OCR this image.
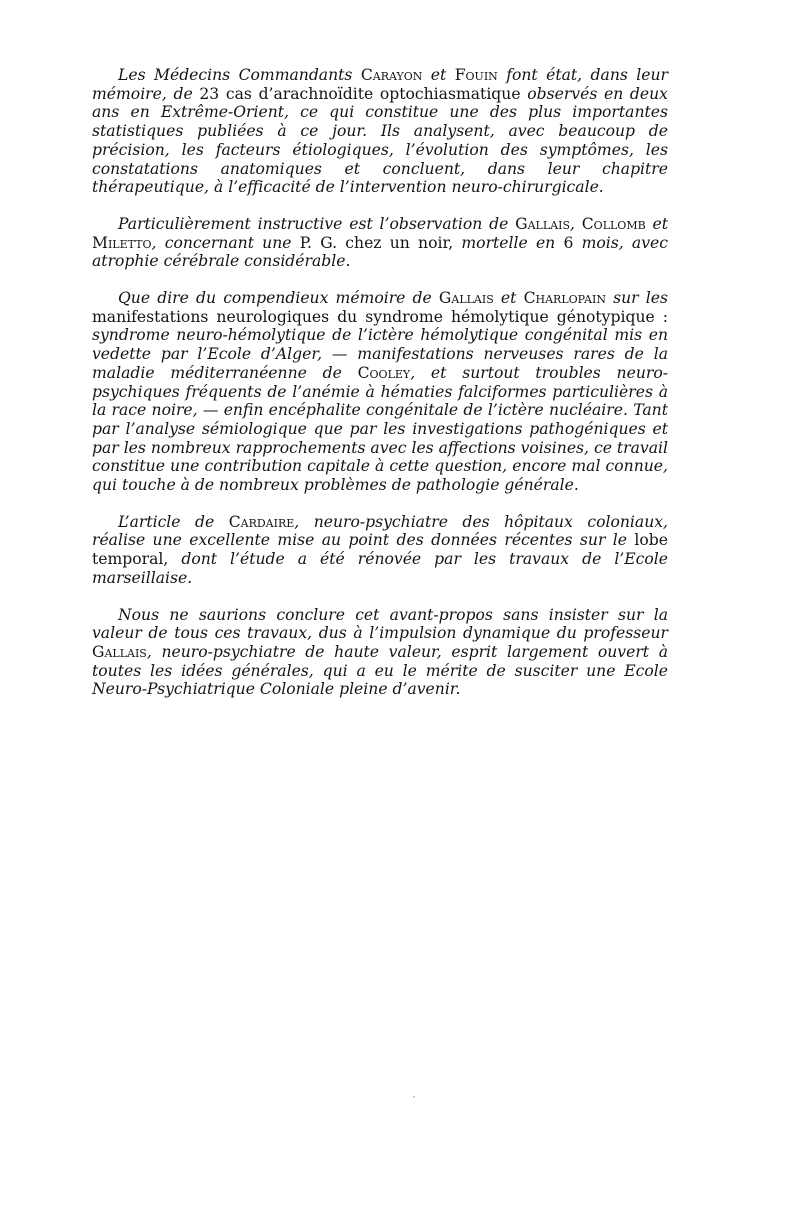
Les Médecins Commandants Carayon et Fouin font état, dans leur mémoire, de 23 cas d’arachnoïdite optochiasmatique observés en deux ans en Extrême-Orient, ce qui constitue une des plus importantes statistiques publiées à ce jour. Ils analysent, avec beaucoup de précision, les facteurs étiologiques, l’évolution des symptômes, les constatations anatomiques et concluent, dans leur chapitre thérapeutique, à l’efficacité de l’intervention neuro-chirurgicale.

Particulièrement instructive est l’observation de Gallais, Collomb et Miletto, concernant une P. G. chez un noir, mortelle en 6 mois, avec atrophie cérébrale considérable.

Que dire du compendieux mémoire de Gallais et Charlopain sur les manifestations neurologiques du syndrome hémolytique génotypique : syndrome neuro-hémolytique de l’ictère hémolytique congénital mis en vedette par l’Ecole d’Alger, — manifestations nerveuses rares de la maladie méditerranéenne de Cooley, et surtout troubles neuro-psychiques fréquents de l’anémie à hématies falciformes particulières à la race noire, — enfin encéphalite congénitale de l’ictère nucléaire. Tant par l’analyse sémiologique que par les investigations pathogéniques et par les nombreux rapprochements avec les affections voisines, ce travail constitue une contribution capitale à cette question, encore mal connue, qui touche à de nombreux problèmes de pathologie générale.

L’article de Cardaire, neuro-psychiatre des hôpitaux coloniaux, réalise une excellente mise au point des données récentes sur le lobe temporal, dont l’étude a été rénovée par les travaux de l’Ecole marseillaise.

Nous ne saurions conclure cet avant-propos sans insister sur la valeur de tous ces travaux, dus à l’impulsion dynamique du professeur Gallais, neuro-psychiatre de haute valeur, esprit largement ouvert à toutes les idées générales, qui a eu le mérite de susciter une Ecole Neuro-Psychiatrique Coloniale pleine d’avenir.
